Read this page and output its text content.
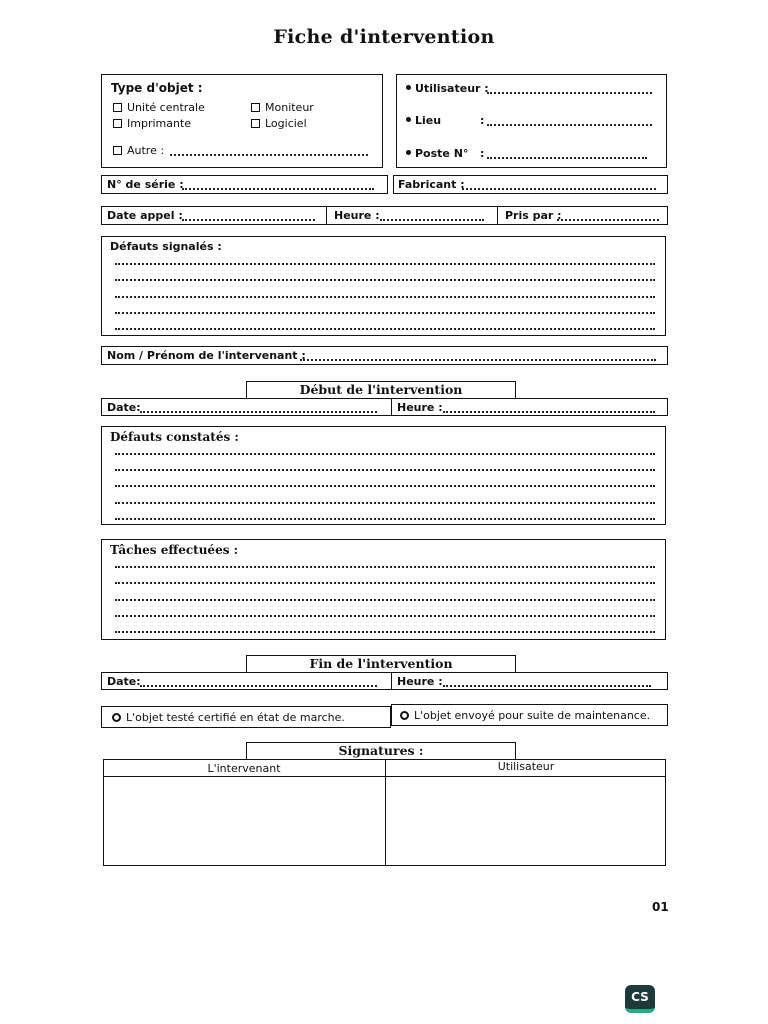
Fiche d'intervention
Type d'objet :
Unité centrale	Moniteur
Imprimante	Logiciel
Autre :
Utilisateur :
Lieu	:
Poste N° :
N° de série :	Fabricant :
Date appel :	Heure :	Pris par :
Défauts signalés :
Nom / Prénom de l'intervenant :
Début de l'intervention
Date:	Heure :
Défauts constatés :
Tâches effectuées :
Fin de l'intervention
Date:	Heure :
L'objet testé certifié en état de marche.	L'objet envoyé pour suite de maintenance.
Signatures :
L'intervenant	Utilisateur
01
CS
